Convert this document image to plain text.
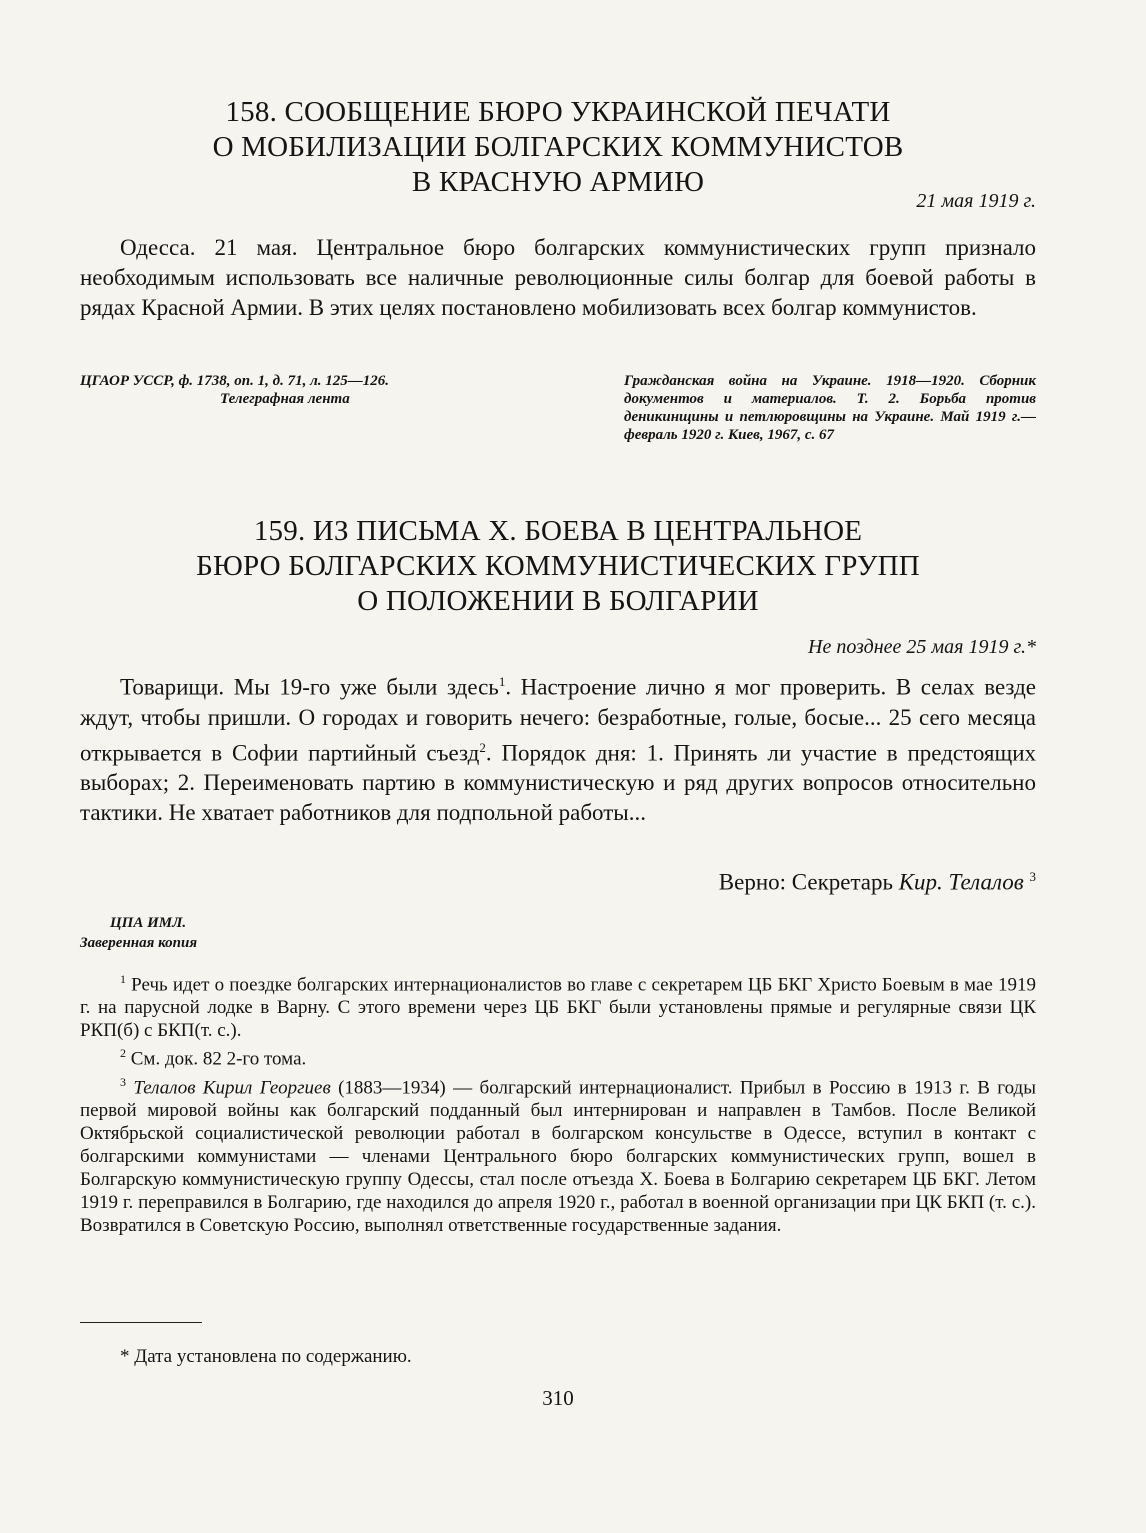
158. СООБЩЕНИЕ БЮРО УКРАИНСКОЙ ПЕЧАТИ

О МОБИЛИЗАЦИИ БОЛГАРСКИХ КОММУНИСТОВ

В КРАСНУЮ АРМИЮ

21 мая 1919 г.

Одесса. 21 мая. Центральное бюро болгарских коммунистических групп признало необходимым использовать все наличные революционные силы болгар для боевой работы в рядах Красной Армии. В этих целях постановлено мобилизовать всех болгар коммунистов.

ЦГАОР УССР, ф. 1738, оп. 1, д. 71, л. 125—126.
Телеграфная лента
Гражданская война на Украине. 1918—1920. Сборник документов и материалов. Т. 2. Борьба против деникинщины и петлюровщины на Украине. Май 1919 г.— февраль 1920 г. Киев, 1967, с. 67

159. ИЗ ПИСЬМА Х. БОЕВА В ЦЕНТРАЛЬНОЕ

БЮРО БОЛГАРСКИХ КОММУНИСТИЧЕСКИХ ГРУПП

О ПОЛОЖЕНИИ В БОЛГАРИИ

Не позднее 25 мая 1919 г.*

Товарищи. Мы 19-го уже были здесь$^1$. Настроение лично я мог проверить. В селах везде ждут, чтобы пришли. О городах и говорить нечего: безработные, голые, босые... 25 сего месяца открывается в Софии партийный съезд$^2$. Порядок дня: 1. Принять ли участие в предстоящих выборах; 2. Переименовать партию в коммунистическую и ряд других вопросов относительно тактики. Не хватает работников для подпольной работы...

Верно: Секретарь Кир. Телалов $^3$
ЦПА ИМЛ.
Заверенная копия

$^1$ Речь идет о поездке болгарских интернационалистов во главе с секретарем ЦБ БКГ Христо Боевым в мае 1919 г. на парусной лодке в Варну. С этого времени через ЦБ БКГ были установлены прямые и регулярные связи ЦК РКП(б) с БКП(т. с.).

$^2$ См. док. 82 2-го тома.

$^3$ Телалов Кирил Георгиев (1883—1934) — болгарский интернационалист. Прибыл в Россию в 1913 г. В годы первой мировой войны как болгарский подданный был интернирован и направлен в Тамбов. После Великой Октябрьской социалистической революции работал в болгарском консульстве в Одессе, вступил в контакт с болгарскими коммунистами — членами Центрального бюро болгарских коммунистических групп, вошел в Болгарскую коммунистическую группу Одессы, стал после отъезда Х. Боева в Болгарию секретарем ЦБ БКГ. Летом 1919 г. переправился в Болгарию, где находился до апреля 1920 г., работал в военной организации при ЦК БКП (т. с.). Возвратился в Советскую Россию, выполнял ответственные государственные задания.

* Дата установлена по содержанию.
310
